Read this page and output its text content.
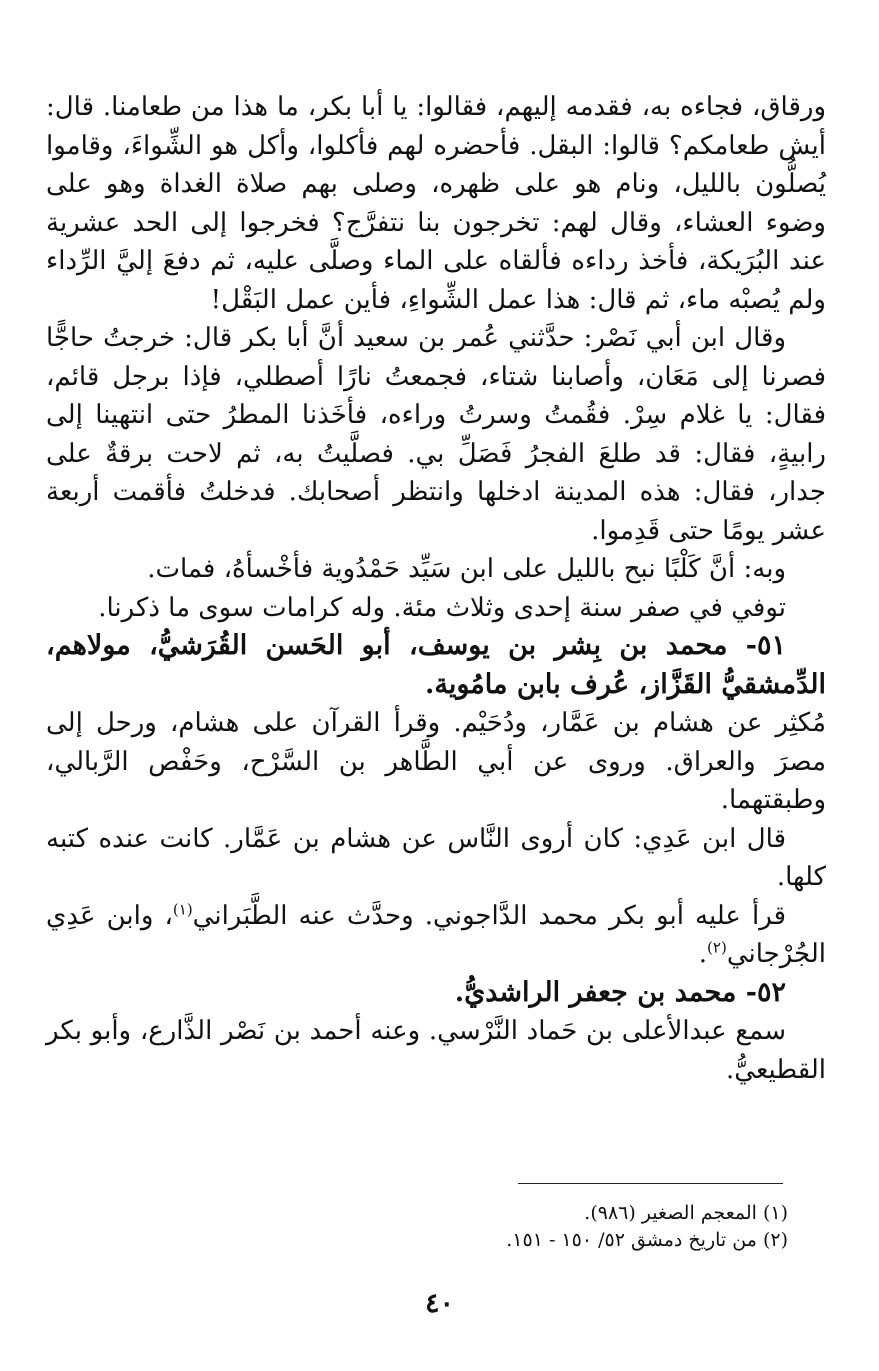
ورقاق، فجاءه به، فقدمه إليهم، فقالوا: يا أبا بكر، ما هذا من طعامنا. قال: أيش طعامكم؟ قالوا: البقل. فأحضره لهم فأكلوا، وأكل هو الشِّواءَ، وقاموا يُصلُّون بالليل، ونام هو على ظهره، وصلى بهم صلاة الغداة وهو على وضوء العشاء، وقال لهم: تخرجون بنا نتفرَّج؟ فخرجوا إلى الحد عشرية عند البُرَيكة، فأخذ رداءه فألقاه على الماء وصلَّى عليه، ثم دفعَ إليَّ الرِّداء ولم يُصبْه ماء، ثم قال: هذا عمل الشِّواءِ، فأين عمل البَقْل!

وقال ابن أبي نَصْر: حدَّثني عُمر بن سعيد أنَّ أبا بكر قال: خرجتُ حاجًّا فصرنا إلى مَعَان، وأصابنا شتاء، فجمعتُ نارًا أصطلي، فإذا برجل قائم، فقال: يا غلام سِرْ. فقُمتُ وسرتُ وراءه، فأخَذنا المطرُ حتى انتهينا إلى رابيةٍ، فقال: قد طلعَ الفجرُ فَصَلِّ بي. فصلَّيتُ به، ثم لاحت برقةٌ على جدار، فقال: هذه المدينة ادخلها وانتظر أصحابك. فدخلتُ فأقمت أربعة عشر يومًا حتى قَدِموا.

وبه: أنَّ كَلْبًا نبح بالليل على ابن سَيِّد حَمْدُوية فأخْسأهُ، فمات.

توفي في صفر سنة إحدى وثلاث مئة. وله كرامات سوى ما ذكرنا.

٥١- محمد بن بِشر بن يوسف، أبو الحَسن القُرَشيُّ، مولاهم، الدِّمشقيُّ القَزَّاز، عُرف بابن مامُوية.

مُكثِر عن هشام بن عَمَّار، ودُحَيْم. وقرأ القرآن على هشام، ورحل إلى مصرَ والعراق. وروى عن أبي الطَّاهر بن السَّرْح، وحَفْص الرَّبالي، وطبقتهما.

قال ابن عَدِي: كان أروى النَّاس عن هشام بن عَمَّار. كانت عنده كتبه كلها.

قرأ عليه أبو بكر محمد الدَّاجوني. وحدَّث عنه الطَّبَراني$^{(١)}$، وابن عَدِي الجُرْجاني$^{(٢)}$.

٥٢- محمد بن جعفر الراشديُّ.

سمع عبدالأعلى بن حَماد النَّرْسي. وعنه أحمد بن نَصْر الذَّارع، وأبو بكر القطيعيُّ.

(١) المعجم الصغير (٩٨٦).

(٢) من تاريخ دمشق ٥٢/ ١٥٠ - ١٥١.

٤٠
